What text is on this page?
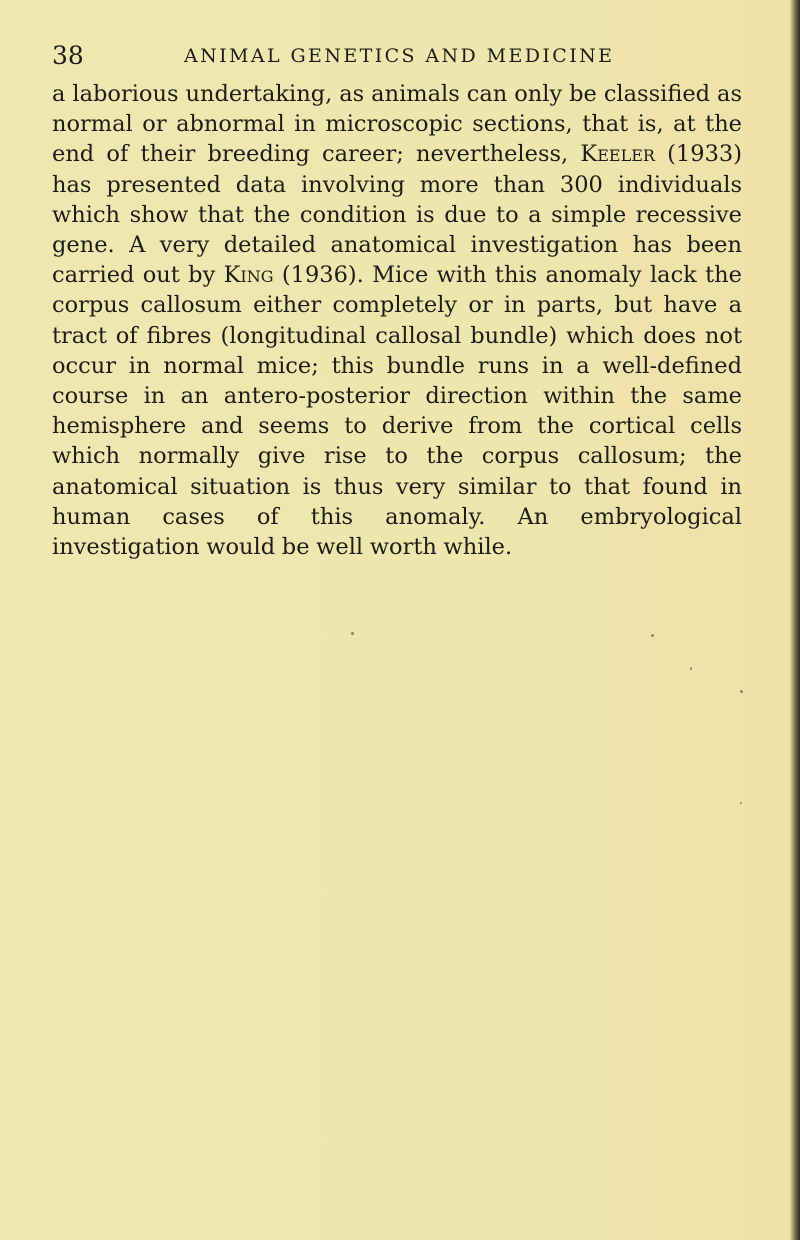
38	ANIMAL GENETICS AND MEDICINE

a laborious undertaking, as animals can only be classified as normal or abnormal in microscopic sections, that is, at the end of their breeding career; nevertheless, Keeler (1933) has presented data involving more than 300 individuals which show that the condition is due to a simple recessive gene. A very detailed anatomical investigation has been carried out by King (1936). Mice with this anomaly lack the corpus callosum either completely or in parts, but have a tract of fibres (longitudinal callosal bundle) which does not occur in normal mice; this bundle runs in a well-defined course in an antero-posterior direction within the same hemisphere and seems to derive from the cortical cells which normally give rise to the corpus callosum; the anatomical situation is thus very similar to that found in human cases of this anomaly. An embryological investigation would be well worth while.
